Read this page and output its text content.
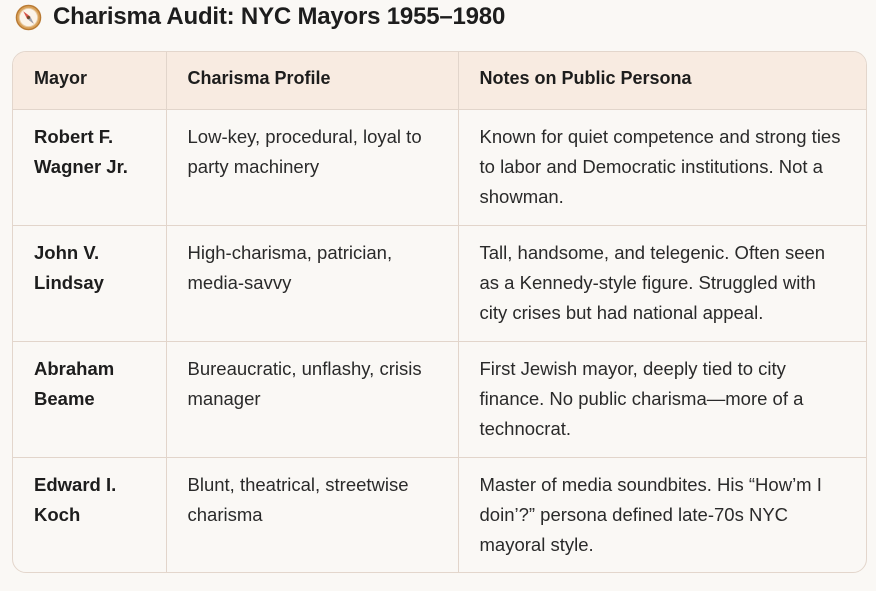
Charisma Audit: NYC Mayors 1955–1980
Mayor	Charisma Profile	Notes on Public Persona
Robert F. Wagner Jr.	Low-key, procedural, loyal to party machinery	Known for quiet competence and strong ties to labor and Democratic institutions. Not a showman.
John V. Lindsay	High-charisma, patrician, media-savvy	Tall, handsome, and telegenic. Often seen as a Kennedy-style figure. Struggled with city crises but had national appeal.
Abraham Beame	Bureaucratic, unflashy, crisis manager	First Jewish mayor, deeply tied to city finance. No public charisma—more of a technocrat.
Edward I. Koch	Blunt, theatrical, streetwise charisma	Master of media soundbites. His “How’m I doin’?” persona defined late-70s NYC mayoral style.
